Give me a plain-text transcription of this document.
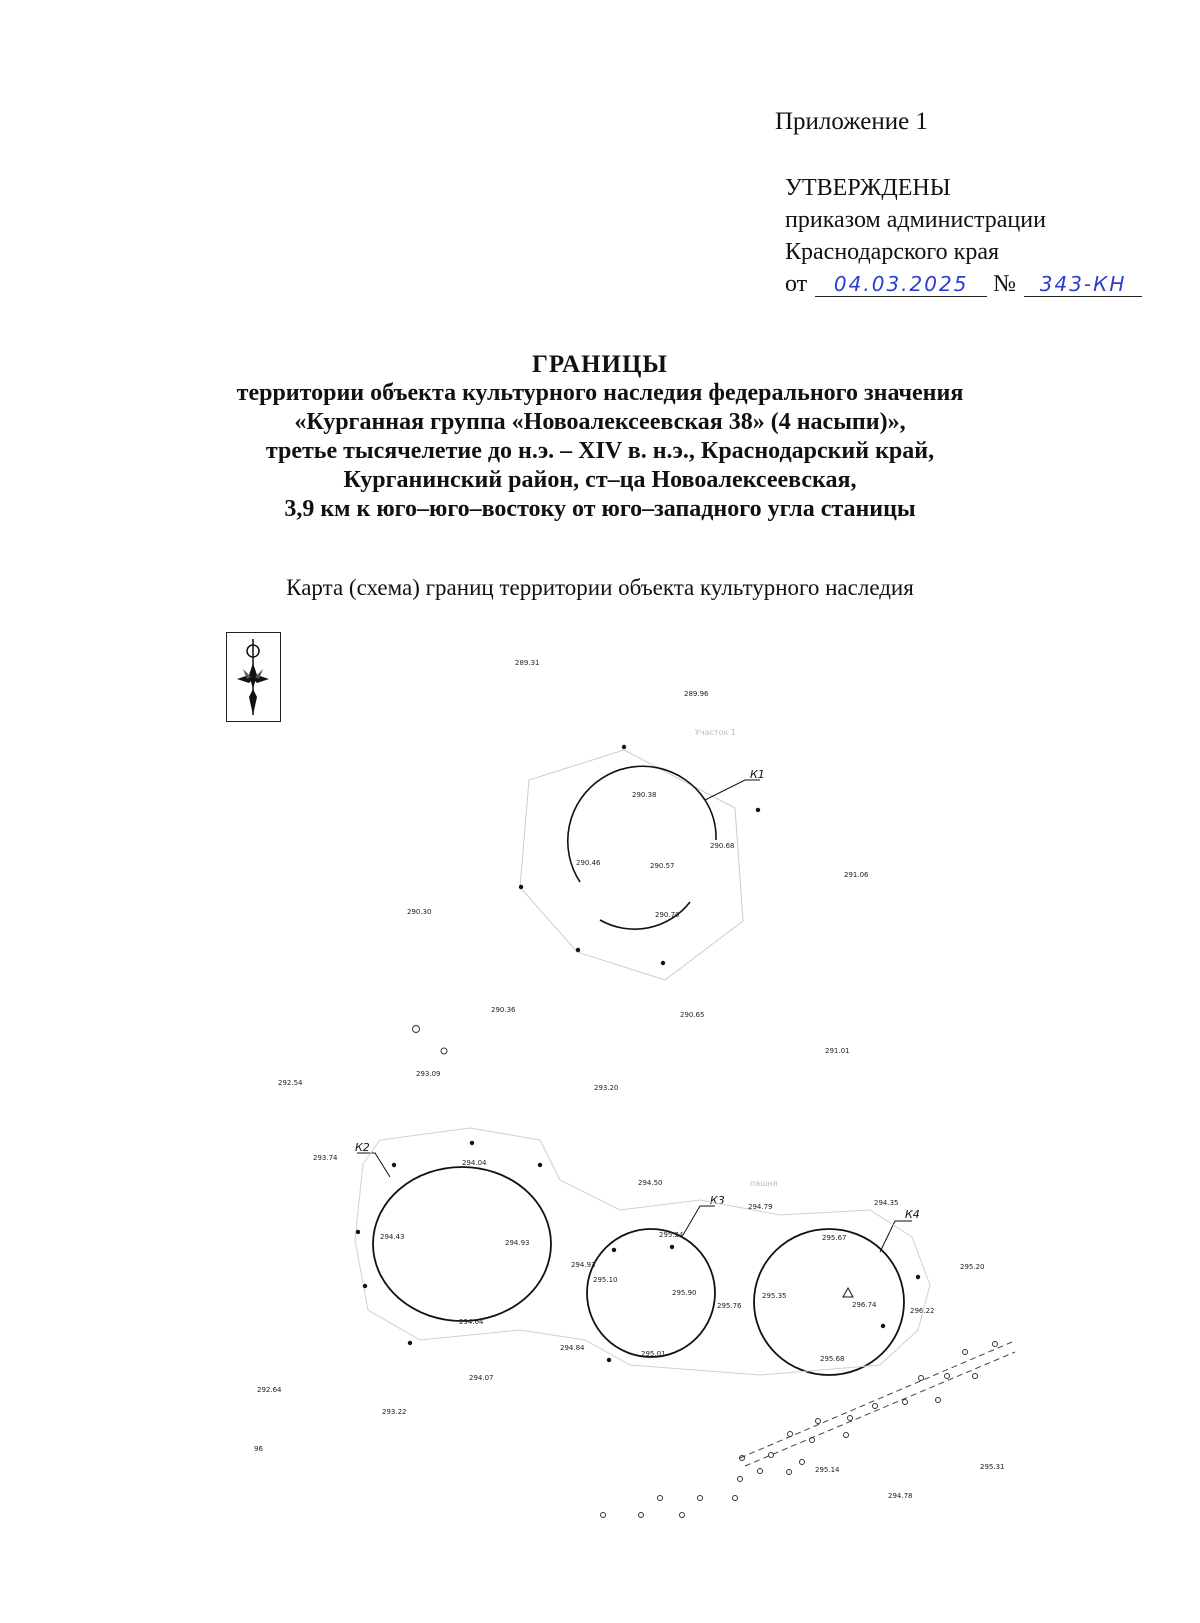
Приложение 1
УТВЕРЖДЕНЫ
приказом администрации
Краснодарского края
от 04.03.2025 № 343-КН
ГРАНИЦЫ
территории объекта культурного наследия федерального значения
«Курганная группа «Новоалексеевская 38» (4 насыпи)»,
третье тысячелетие до н.э. – XIV в. н.э., Краснодарский край,
Курганинский район, ст–ца Новоалексеевская,
3,9 км к юго–юго–востоку от юго–западного угла станицы
Карта (схема) границ территории объекта культурного наследия
Участок 1
пашня
К1
290.57
290.38
290.68
290.46
290.70
К2
294.93
294.04
294.43
294.93
294.64
К3
295.90
295.24
295.10
295.76
295.01
К4
296.74
295.67
295.35
296.22
295.68
289.31
289.96
290.30
291.06
290.36
290.65
291.01
293.09
292.54
293.20
293.74
294.50
294.79	294.35
295.20
294.84
294.07
292.64
293.22
96
295.14	295.31
294.78
